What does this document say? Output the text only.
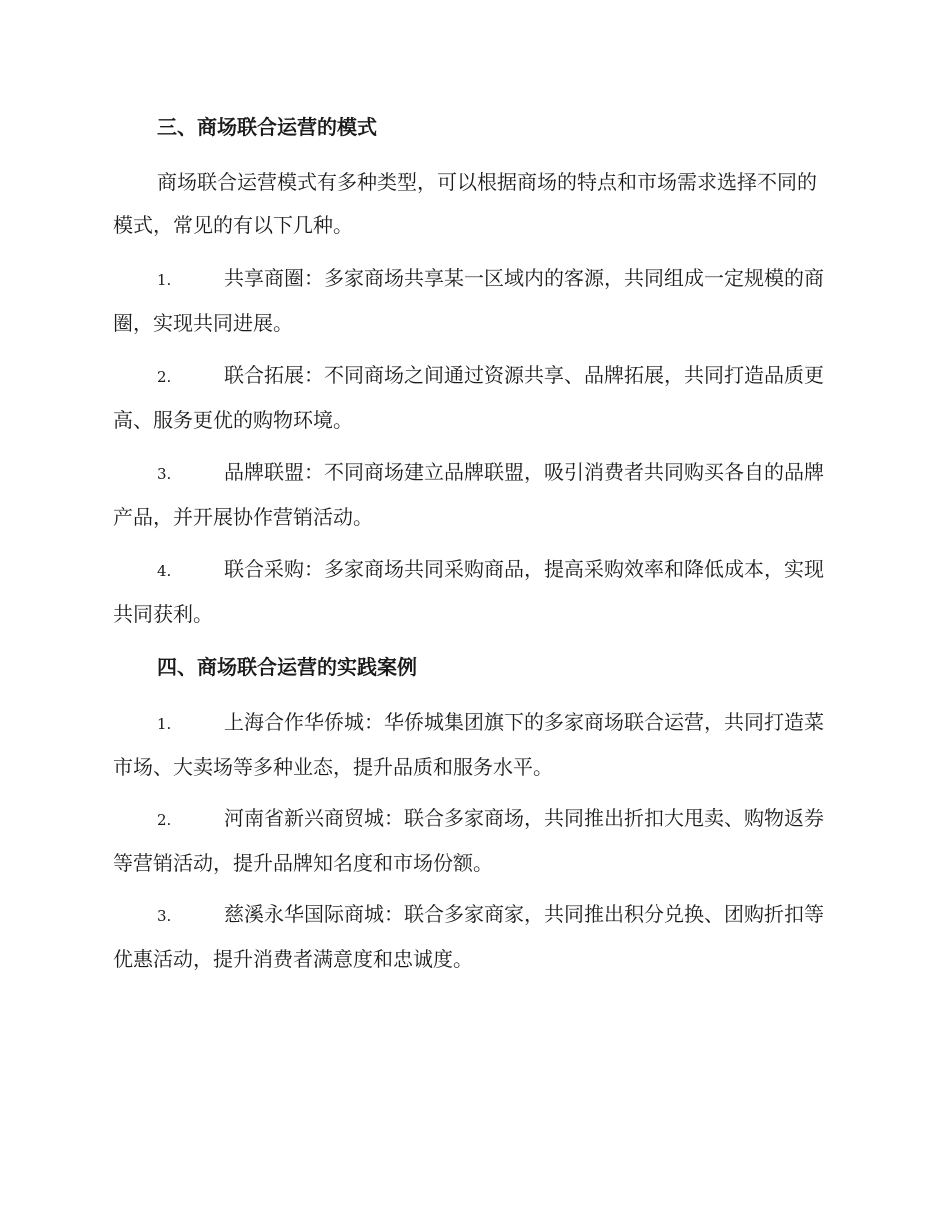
三、商场联合运营的模式

商场联合运营模式有多种类型，可以根据商场的特点和市场需求选择不同的模式，常见的有以下几种。

1.	共享商圈：多家商场共享某一区域内的客源，共同组成一定规模的商圈，实现共同进展。

2.	联合拓展：不同商场之间通过资源共享、品牌拓展，共同打造品质更高、服务更优的购物环境。

3.	品牌联盟：不同商场建立品牌联盟，吸引消费者共同购买各自的品牌产品，并开展协作营销活动。

4.	联合采购：多家商场共同采购商品，提高采购效率和降低成本，实现共同获利。

四、商场联合运营的实践案例

1.	上海合作华侨城：华侨城集团旗下的多家商场联合运营，共同打造菜市场、大卖场等多种业态，提升品质和服务水平。

2.	河南省新兴商贸城：联合多家商场，共同推出折扣大甩卖、购物返券等营销活动，提升品牌知名度和市场份额。

3.	慈溪永华国际商城：联合多家商家，共同推出积分兑换、团购折扣等优惠活动，提升消费者满意度和忠诚度。
